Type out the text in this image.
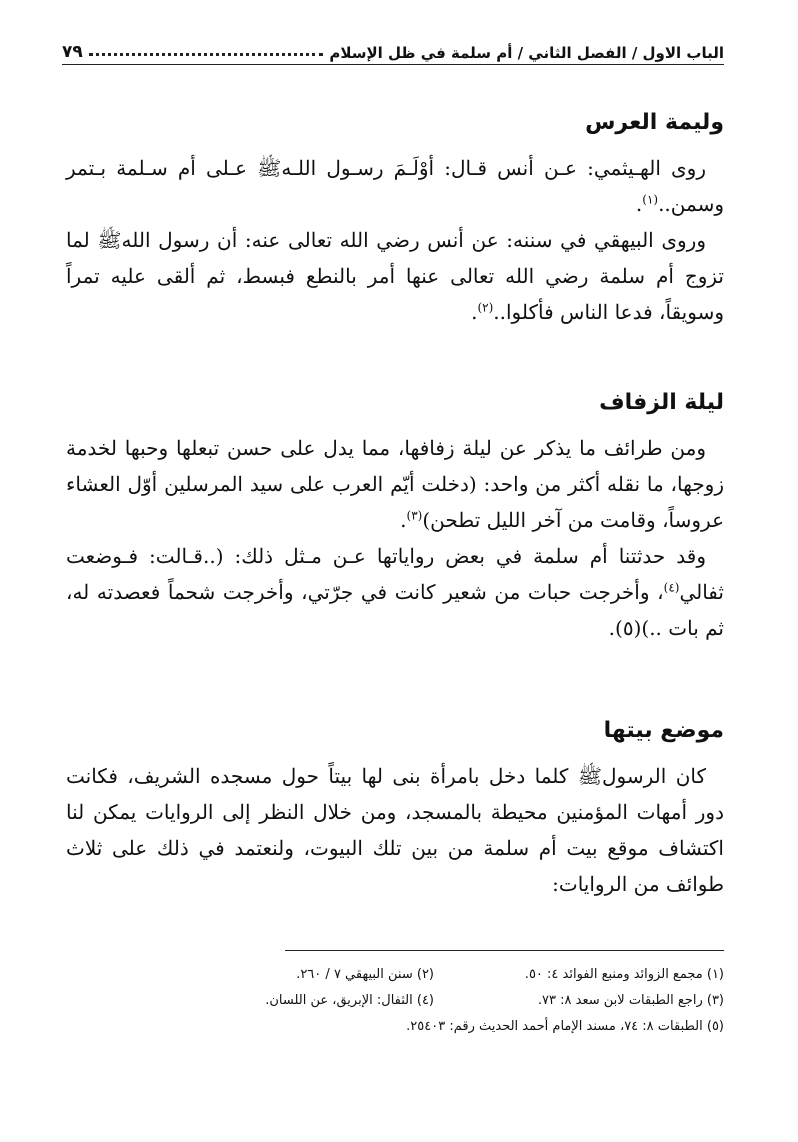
الباب الاول / الفصل الثاني / أم سلمة في ظل الإسلام
٧٩
وليمة العرس

روى الهـيثمي: عـن أنس قـال: أوْلَـمَ رسـول اللـهﷺ عـلى أم سـلمة بـتمر وسمن..$^{(١)}$.

وروى البيهقي في سننه: عن أنس رضي الله تعالى عنه: أن رسول اللهﷺ لما تزوج أم سلمة رضي الله تعالى عنها أمر بالنطع فبسط، ثم ألقى عليه تمراً وسويقاً، فدعا الناس فأكلوا..$^{(٢)}$.

ليلة الزفاف

ومن طرائف ما يذكر عن ليلة زفافها، مما يدل على حسن تبعلها وحبها لخدمة زوجها، ما نقله أكثر من واحد: (دخلت أيّم العرب على سيد المرسلين أوّل العشاء عروساً، وقامت من آخر الليل تطحن)$^{(٣)}$.

وقد حدثتنا أم سلمة في بعض رواياتها عـن مـثل ذلك: (..قـالت: فـوضعت ثفالي$^{(٤)}$، وأخرجت حبات من شعير كانت في جرّتي، وأخرجت شحماً فعصدته له، ثم بات ..)(٥).

موضع بيتها

كان الرسولﷺ كلما دخل بامرأة بنى لها بيتاً حول مسجده الشريف، فكانت دور أمهات المؤمنين محيطة بالمسجد، ومن خلال النظر إلى الروايات يمكن لنا اكتشاف موقع بيت أم سلمة من بين تلك البيوت، ولنعتمد في ذلك على ثلاث طوائف من الروايات:

(١) مجمع الزوائد ومنبع الفوائد ٤: ٥٠.
(٢) سنن البيهقي ٧ / ٢٦٠.
(٣) راجع الطبقات لابن سعد ٨: ٧٣.
(٤) الثفال: الإبريق، عن اللسان.
(٥) الطبقات ٨: ٧٤، مسند الإمام أحمد الحديث رقم: ٢٥٤٠٣.
